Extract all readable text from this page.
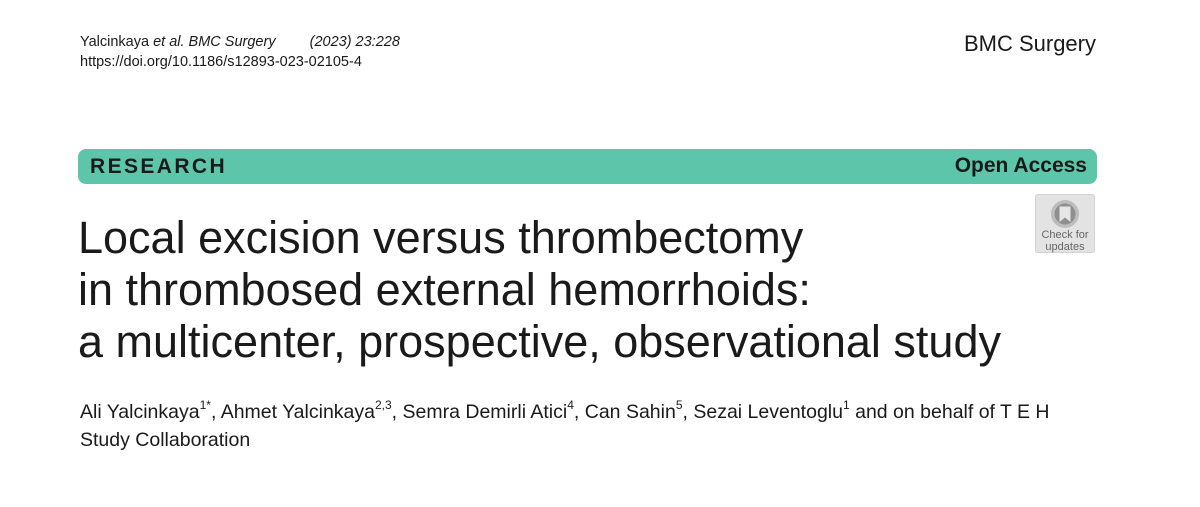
Yalcinkaya et al. BMC Surgery (2023) 23:228
https://doi.org/10.1186/s12893-023-02105-4
BMC Surgery
RESEARCH	Open Access
Check for
updates
Local excision versus thrombectomy
in thrombosed external hemorrhoids:
a multicenter, prospective, observational study
Ali Yalcinkaya$^{1*}$, Ahmet Yalcinkaya$^{2,3}$, Semra Demirli Atici$^4$, Can Sahin$^5$, Sezai Leventoglu$^1$ and on behalf of T E H Study Collaboration
